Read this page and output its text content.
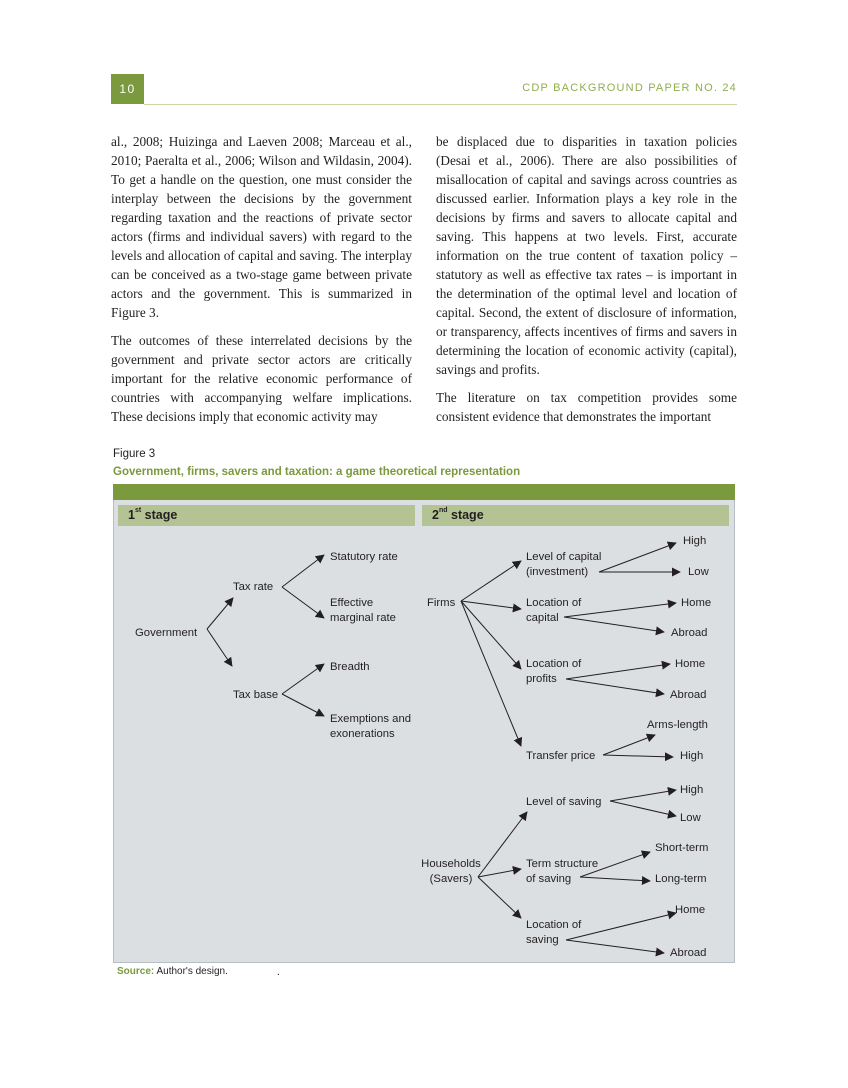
10	CDP BACKGROUND PAPER NO. 24

al., 2008; Huizinga and Laeven 2008; Marceau et al., 2010; Paeralta et al., 2006; Wilson and Wildasin, 2004). To get a handle on the question, one must consider the interplay between the decisions by the government regarding taxation and the reactions of private sector actors (firms and individual savers) with regard to the levels and allocation of capital and saving. The interplay can be conceived as a two-stage game between private actors and the government. This is summarized in Figure 3.

The outcomes of these interrelated decisions by the government and private sector actors are critically important for the relative economic performance of countries with accompanying welfare implications. These decisions imply that economic activity may

be displaced due to disparities in taxation policies (Desai et al., 2006). There are also possibilities of misallocation of capital and savings across countries as discussed earlier. Information plays a key role in the decisions by firms and savers to allocate capital and saving. This happens at two levels. First, accurate information on the true content of taxation policy – statutory as well as effective tax rates – is important in the determination of the optimal level and location of capital. Second, the extent of disclosure of information, or transparency, affects incentives of firms and savers in determining the location of economic activity (capital), savings and profits.

The literature on tax competition provides some consistent evidence that demonstrates the important

Figure 3
Government, firms, savers and taxation: a game theoretical representation
1st stage	2nd stage
Government
Tax rate
Tax base
Statutory rate
Effective
marginal rate
Breadth
Exemptions and
exonerations
Firms
Level of capital
(investment)
Location of
capital
Location of
profits
Transfer price
High
Low
Home
Abroad
Home
Abroad
Arms-length
High
Households
(Savers)
Level of saving
Term structure
of saving
Location of
saving
High
Low
Short-term
Long-term
Home
Abroad
Source: Author's design.	.
